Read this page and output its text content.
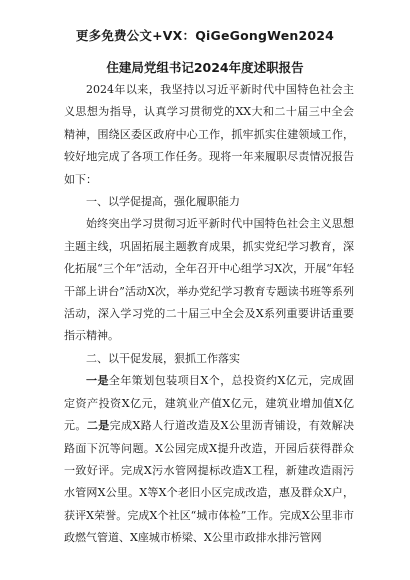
更多免费公文+VX：QiGeGongWen2024
住建局党组书记2024年度述职报告

2024年以来，我坚持以习近平新时代中国特色社会主义思想为指导，认真学习贯彻党的XX大和二十届三中全会精神，围绕区委区政府中心工作，抓牢抓实住建领域工作，较好地完成了各项工作任务。现将一年来履职尽责情况报告如下：

一、以学促提高，强化履职能力

始终突出学习贯彻习近平新时代中国特色社会主义思想主题主线，巩固拓展主题教育成果，抓实党纪学习教育，深化拓展“三个年”活动，全年召开中心组学习X次，开展“年轻干部上讲台”活动X次，举办党纪学习教育专题读书班等系列活动，深入学习党的二十届三中全会及X系列重要讲话重要指示精神。

二、以干促发展，狠抓工作落实

一是全年策划包装项目X个，总投资约X亿元，完成固定资产投资X亿元，建筑业产值X亿元，建筑业增加值X亿元。二是完成X路人行道改造及X公里沥青铺设，有效解决路面下沉等问题。X公园完成X提升改造，开园后获得群众一致好评。完成X污水管网提标改造X工程，新建改造雨污水管网X公里。X等X个老旧小区完成改造，惠及群众X户，获评X荣誉。完成X个社区“城市体检”工作。完成X公里非市政燃气管道、X座城市桥梁、X公里市政排水排污管网
